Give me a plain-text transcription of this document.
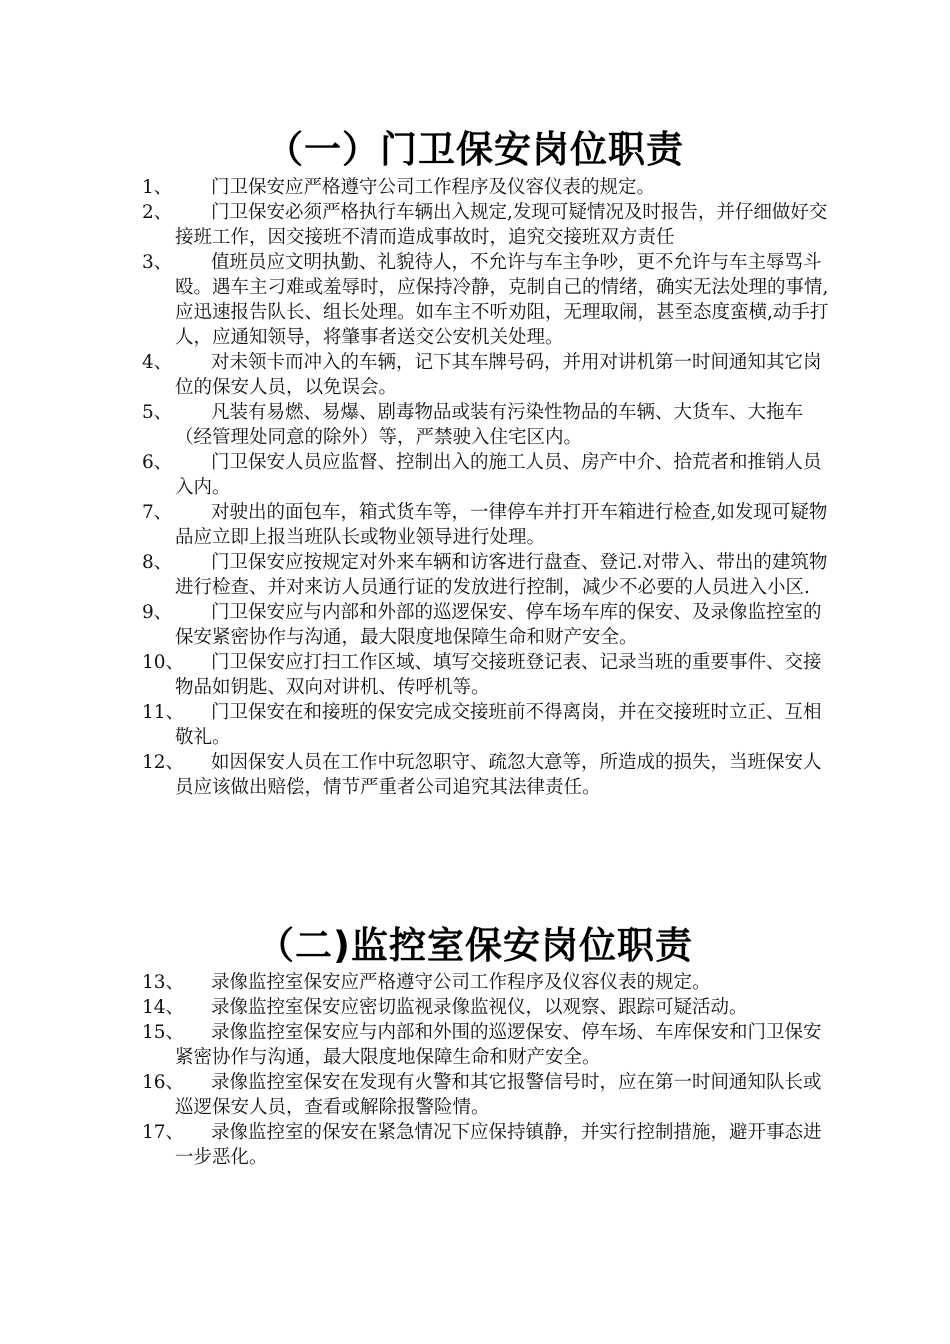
（一）门卫保安岗位职责
1、	门卫保安应严格遵守公司工作程序及仪容仪表的规定。
2、	门卫保安必须严格执行车辆出入规定,发现可疑情况及时报告，并仔细做好交接班工作，因交接班不清而造成事故时，追究交接班双方责任
3、	值班员应文明执勤、礼貌待人，不允许与车主争吵，更不允许与车主辱骂斗殴。遇车主刁难或羞辱时，应保持冷静，克制自己的情绪，确实无法处理的事情,应迅速报告队长、组长处理。如车主不听劝阻，无理取闹，甚至态度蛮横,动手打人，应通知领导，将肇事者送交公安机关处理。
4、	对未领卡而冲入的车辆，记下其车牌号码，并用对讲机第一时间通知其它岗位的保安人员，以免误会。
5、	凡装有易燃、易爆、剧毒物品或装有污染性物品的车辆、大货车、大拖车（经管理处同意的除外）等，严禁驶入住宅区内。
6、	门卫保安人员应监督、控制出入的施工人员、房产中介、拾荒者和推销人员入内。
7、	对驶出的面包车，箱式货车等，一律停车并打开车箱进行检查,如发现可疑物品应立即上报当班队长或物业领导进行处理。
8、	门卫保安应按规定对外来车辆和访客进行盘查、登记.对带入、带出的建筑物进行检查、并对来访人员通行证的发放进行控制，减少不必要的人员进入小区.
9、	门卫保安应与内部和外部的巡逻保安、停车场车库的保安、及录像监控室的保安紧密协作与沟通，最大限度地保障生命和财产安全。
10、	门卫保安应打扫工作区域、填写交接班登记表、记录当班的重要事件、交接物品如钥匙、双向对讲机、传呼机等。
11、	门卫保安在和接班的保安完成交接班前不得离岗，并在交接班时立正、互相敬礼。
12、	如因保安人员在工作中玩忽职守、疏忽大意等，所造成的损失，当班保安人员应该做出赔偿，情节严重者公司追究其法律责任。
（二)监控室保安岗位职责
13、	录像监控室保安应严格遵守公司工作程序及仪容仪表的规定。
14、	录像监控室保安应密切监视录像监视仪，以观察、跟踪可疑活动。
15、	录像监控室保安应与内部和外围的巡逻保安、停车场、车库保安和门卫保安紧密协作与沟通，最大限度地保障生命和财产安全。
16、	录像监控室保安在发现有火警和其它报警信号时，应在第一时间通知队长或巡逻保安人员，查看或解除报警险情。
17、	录像监控室的保安在紧急情况下应保持镇静，并实行控制措施，避开事态进一步恶化。
